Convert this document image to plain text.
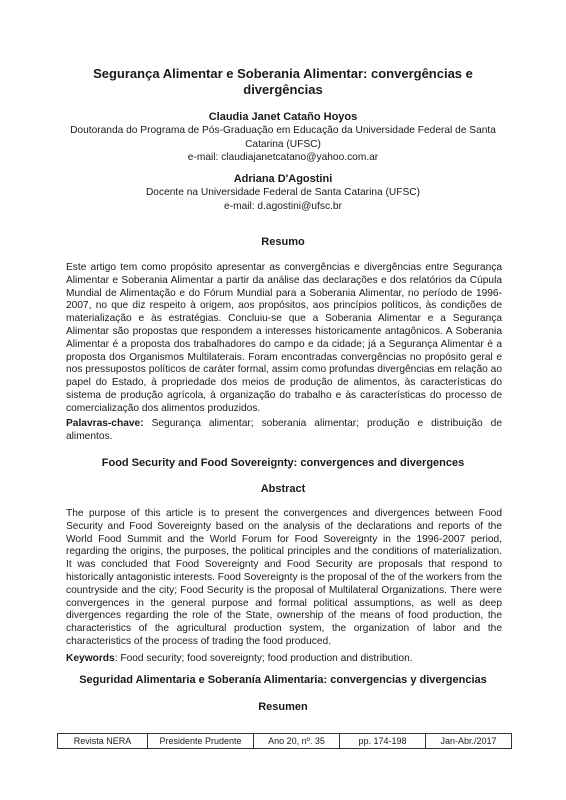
Segurança Alimentar e Soberania Alimentar: convergências e divergências
Claudia Janet Cataño Hoyos
Doutoranda do Programa de Pós-Graduação em Educação da Universidade Federal de Santa Catarina (UFSC)
e-mail: claudiajanetcatano@yahoo.com.ar
Adriana D'Agostini
Docente na Universidade Federal de Santa Catarina (UFSC)
e-mail: d.agostini@ufsc.br
Resumo

Este artigo tem como propósito apresentar as convergências e divergências entre Segurança Alimentar e Soberania Alimentar a partir da análise das declarações e dos relatórios da Cúpula Mundial de Alimentação e do Fórum Mundial para a Soberania Alimentar, no período de 1996-2007, no que diz respeito à origem, aos propósitos, aos princípios políticos, às condições de materialização e às estratégias. Concluiu-se que a Soberania Alimentar e a Segurança Alimentar são propostas que respondem a interesses historicamente antagônicos. A Soberania Alimentar é a proposta dos trabalhadores do campo e da cidade; já a Segurança Alimentar é a proposta dos Organismos Multilaterais. Foram encontradas convergências no propósito geral e nos pressupostos políticos de caráter formal, assim como profundas divergências em relação ao papel do Estado, à propriedade dos meios de produção de alimentos, às características do sistema de produção agrícola, à organização do trabalho e às características do processo de comercialização dos alimentos produzidos.

Palavras-chave: Segurança alimentar; soberania alimentar; produção e distribuição de alimentos.

Food Security and Food Sovereignty: convergences and divergences
Abstract

The purpose of this article is to present the convergences and divergences between Food Security and Food Sovereignty based on the analysis of the declarations and reports of the World Food Summit and the World Forum for Food Sovereignty in the 1996-2007 period, regarding the origins, the purposes, the political principles and the conditions of materialization. It was concluded that Food Sovereignty and Food Security are proposals that respond to historically antagonistic interests. Food Sovereignty is the proposal of the of the workers from the countryside and the city; Food Security is the proposal of Multilateral Organizations. There were convergences in the general purpose and formal political assumptions, as well as deep divergences regarding the role of the State, ownership of the means of food production, the characteristics of the agricultural production system, the organization of labor and the characteristics of the process of trading the food produced.

Keywords: Food security; food sovereignty; food production and distribution.

Seguridad Alimentaria e Soberanía Alimentaria: convergencias y divergencias
Resumen
Revista NERA	Presidente Prudente	Ano 20, nº. 35	pp. 174-198	Jan-Abr./2017
